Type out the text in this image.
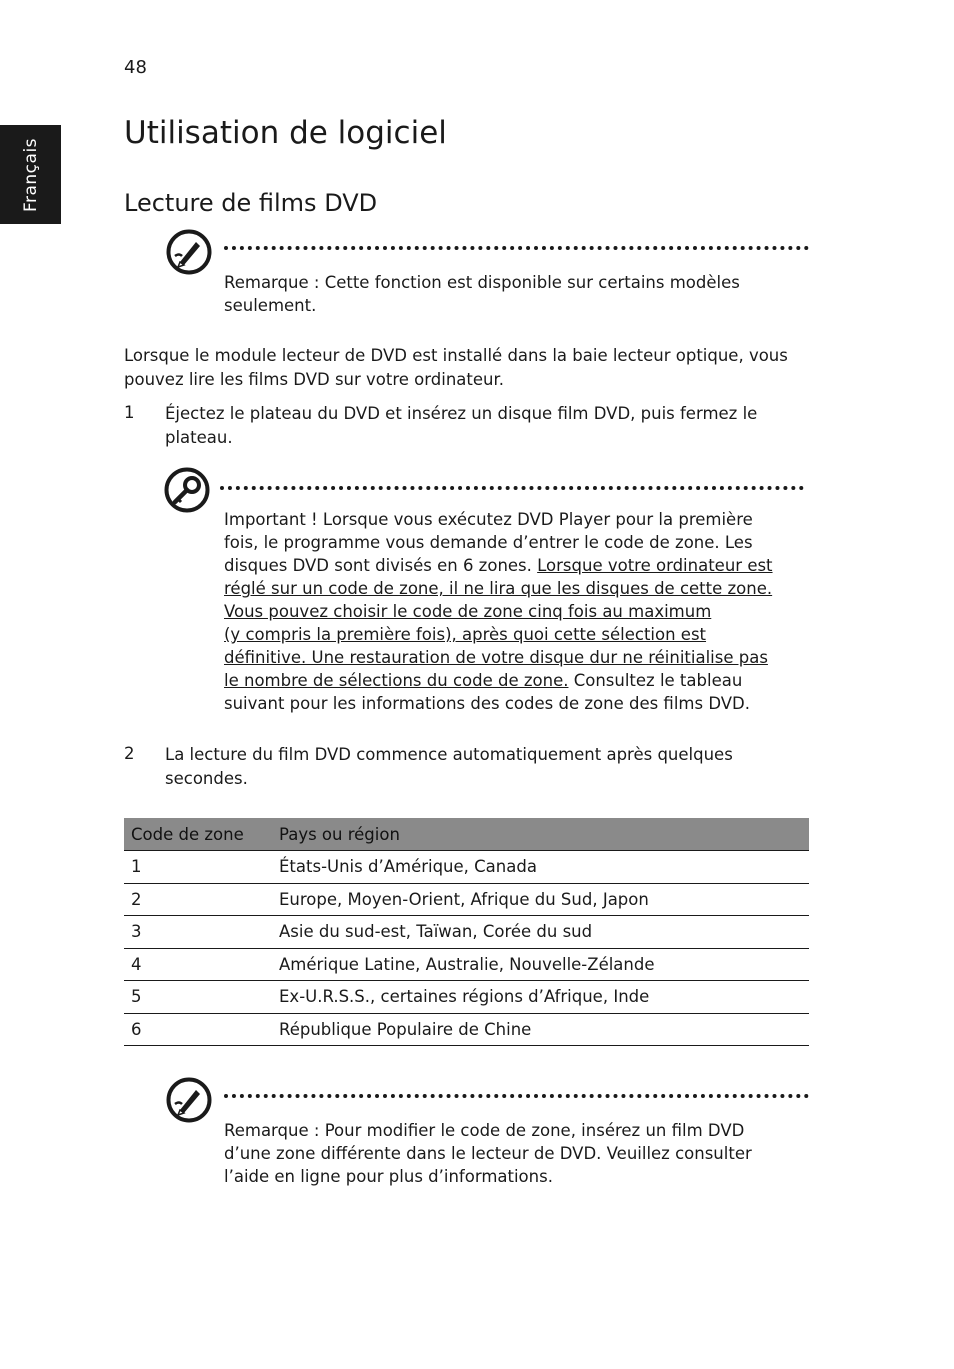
48
Français
Utilisation de logiciel
Lecture de films DVD
Remarque : Cette fonction est disponible sur certains modèles
seulement.
Lorsque le module lecteur de DVD est installé dans la baie lecteur optique, vous
pouvez lire les films DVD sur votre ordinateur.
1 Éjectez le plateau du DVD et insérez un disque film DVD, puis fermez le
plateau.
Important ! Lorsque vous exécutez DVD Player pour la première
fois, le programme vous demande d’entrer le code de zone. Les
disques DVD sont divisés en 6 zones. Lorsque votre ordinateur est
réglé sur un code de zone, il ne lira que les disques de cette zone.
Vous pouvez choisir le code de zone cinq fois au maximum
(y compris la première fois), après quoi cette sélection est
définitive. Une restauration de votre disque dur ne réinitialise pas
le nombre de sélections du code de zone. Consultez le tableau
suivant pour les informations des codes de zone des films DVD.
2 La lecture du film DVD commence automatiquement après quelques
secondes.
Code de zone	Pays ou région
1	États-Unis d’Amérique, Canada
2	Europe, Moyen-Orient, Afrique du Sud, Japon
3	Asie du sud-est, Taïwan, Corée du sud
4	Amérique Latine, Australie, Nouvelle-Zélande
5	Ex-U.R.S.S., certaines régions d’Afrique, Inde
6	République Populaire de Chine
Remarque : Pour modifier le code de zone, insérez un film DVD
d’une zone différente dans le lecteur de DVD. Veuillez consulter
l’aide en ligne pour plus d’informations.
